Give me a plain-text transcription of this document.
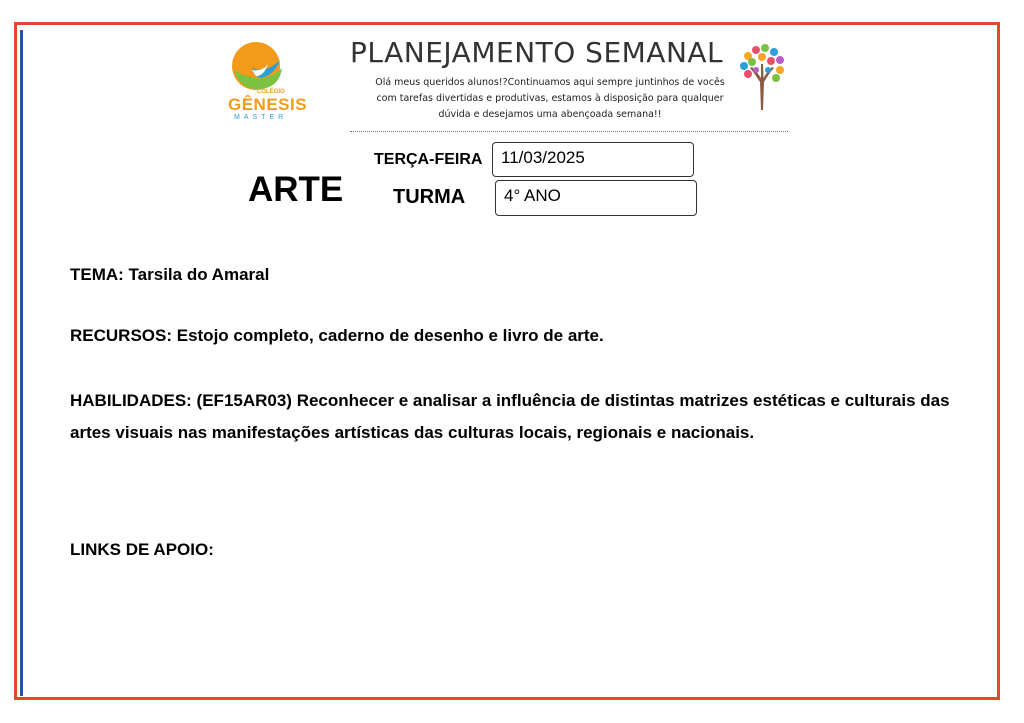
COLÉGIO
GÊNESIS
MASTER
PLANEJAMENTO SEMANAL
Olá meus queridos alunos!?Continuamos aqui sempre juntinhos de vocês com tarefas divertidas e produtivas, estamos à disposição para qualquer dúvida e desejamos uma abençoada semana!!
ARTE
TERÇA-FEIRA	11/03/2025
TURMA	4° ANO
TEMA: Tarsila do Amaral
RECURSOS: Estojo completo, caderno de desenho e livro de arte.
HABILIDADES: (EF15AR03) Reconhecer e analisar a influência de distintas matrizes estéticas e culturais das artes visuais nas manifestações artísticas das culturas locais, regionais e nacionais.
LINKS DE APOIO:
